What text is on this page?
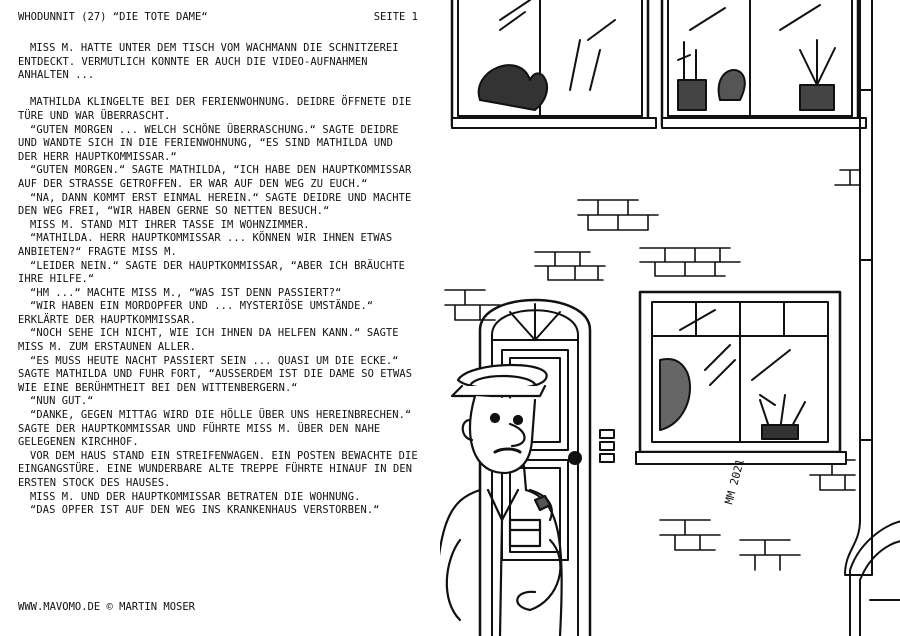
WHODUNNIT (27) “DIE TOTE DAME“	SEITE 1

MISS M. HATTE UNTER DEM TISCH VOM WACHMANN DIE SCHNITZEREI ENTDECKT. VERMUTLICH KONNTE ER AUCH DIE VIDEO-AUFNAHMEN ANHALTEN ...

MATHILDA KLINGELTE BEI DER FERIENWOHNUNG. DEIDRE ÖFFNETE DIE TÜRE UND WAR ÜBERRASCHT.

“GUTEN MORGEN ... WELCH SCHÖNE ÜBERRASCHUNG.“ SAGTE DEIDRE UND WANDTE SICH IN DIE FERIENWOHNUNG, “ES SIND MATHILDA UND DER HERR HAUPTKOMMISSAR.“

“GUTEN MORGEN.“ SAGTE MATHILDA, “ICH HABE DEN HAUPTKOMMISSAR AUF DER STRASSE GETROFFEN. ER WAR AUF DEN WEG ZU EUCH.“

“NA, DANN KOMMT ERST EINMAL HEREIN.“ SAGTE DEIDRE UND MACHTE DEN WEG FREI, “WIR HABEN GERNE SO NETTEN BESUCH.“

MISS M. STAND MIT IHRER TASSE IM WOHNZIMMER.

“MATHILDA. HERR HAUPTKOMMISSAR ... KÖNNEN WIR IHNEN ETWAS ANBIETEN?“ FRAGTE MISS M.

“LEIDER NEIN.“ SAGTE DER HAUPTKOMMISSAR, “ABER ICH BRÄUCHTE IHRE HILFE.“

“HM ...“ MACHTE MISS M., “WAS IST DENN PASSIERT?“

“WIR HABEN EIN MORDOPFER UND ... MYSTERIÖSE UMSTÄNDE.“ ERKLÄRTE DER HAUPTKOMMISSAR.

“NOCH SEHE ICH NICHT, WIE ICH IHNEN DA HELFEN KANN.“ SAGTE MISS M. ZUM ERSTAUNEN ALLER.

“ES MUSS HEUTE NACHT PASSIERT SEIN ... QUASI UM DIE ECKE.“ SAGTE MATHILDA UND FUHR FORT, “AUSSERDEM IST DIE DAME SO ETWAS WIE EINE BERÜHMTHEIT BEI DEN WITTENBERGERN.“

“NUN GUT.“

“DANKE, GEGEN MITTAG WIRD DIE HÖLLE ÜBER UNS HEREINBRECHEN.“ SAGTE DER HAUPTKOMMISSAR UND FÜHRTE MISS M. ÜBER DEN NAHE GELEGENEN KIRCHHOF.

VOR DEM HAUS STAND EIN STREIFENWAGEN. EIN POSTEN BEWACHTE DIE EINGANGSTÜRE. EINE WUNDERBARE ALTE TREPPE FÜHRTE HINAUF IN DEN ERSTEN STOCK DES HAUSES.

MISS M. UND DER HAUPTKOMMISSAR BETRATEN DIE WOHNUNG.

“DAS OPFER IST AUF DEN WEG INS KRANKENHAUS VERSTORBEN.“

WWW.MAVOMO.DE © MARTIN MOSER
MM 2021
